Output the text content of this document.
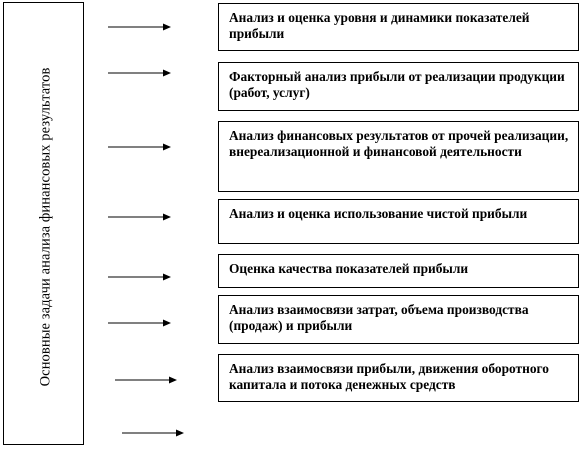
Основные задачи анализа финансовых результатов
Анализ и оценка уровня и динамики показателей прибыли
Факторный анализ прибыли от реализации продукции (работ, услуг)
Анализ финансовых результатов от прочей реализации, внереализационной и финансовой деятельности
Анализ и оценка использование чистой прибыли
Оценка качества показателей прибыли
Анализ взаимосвязи затрат, объема производства (продаж) и прибыли
Анализ взаимосвязи прибыли, движения оборотного капитала и потока денежных средств
